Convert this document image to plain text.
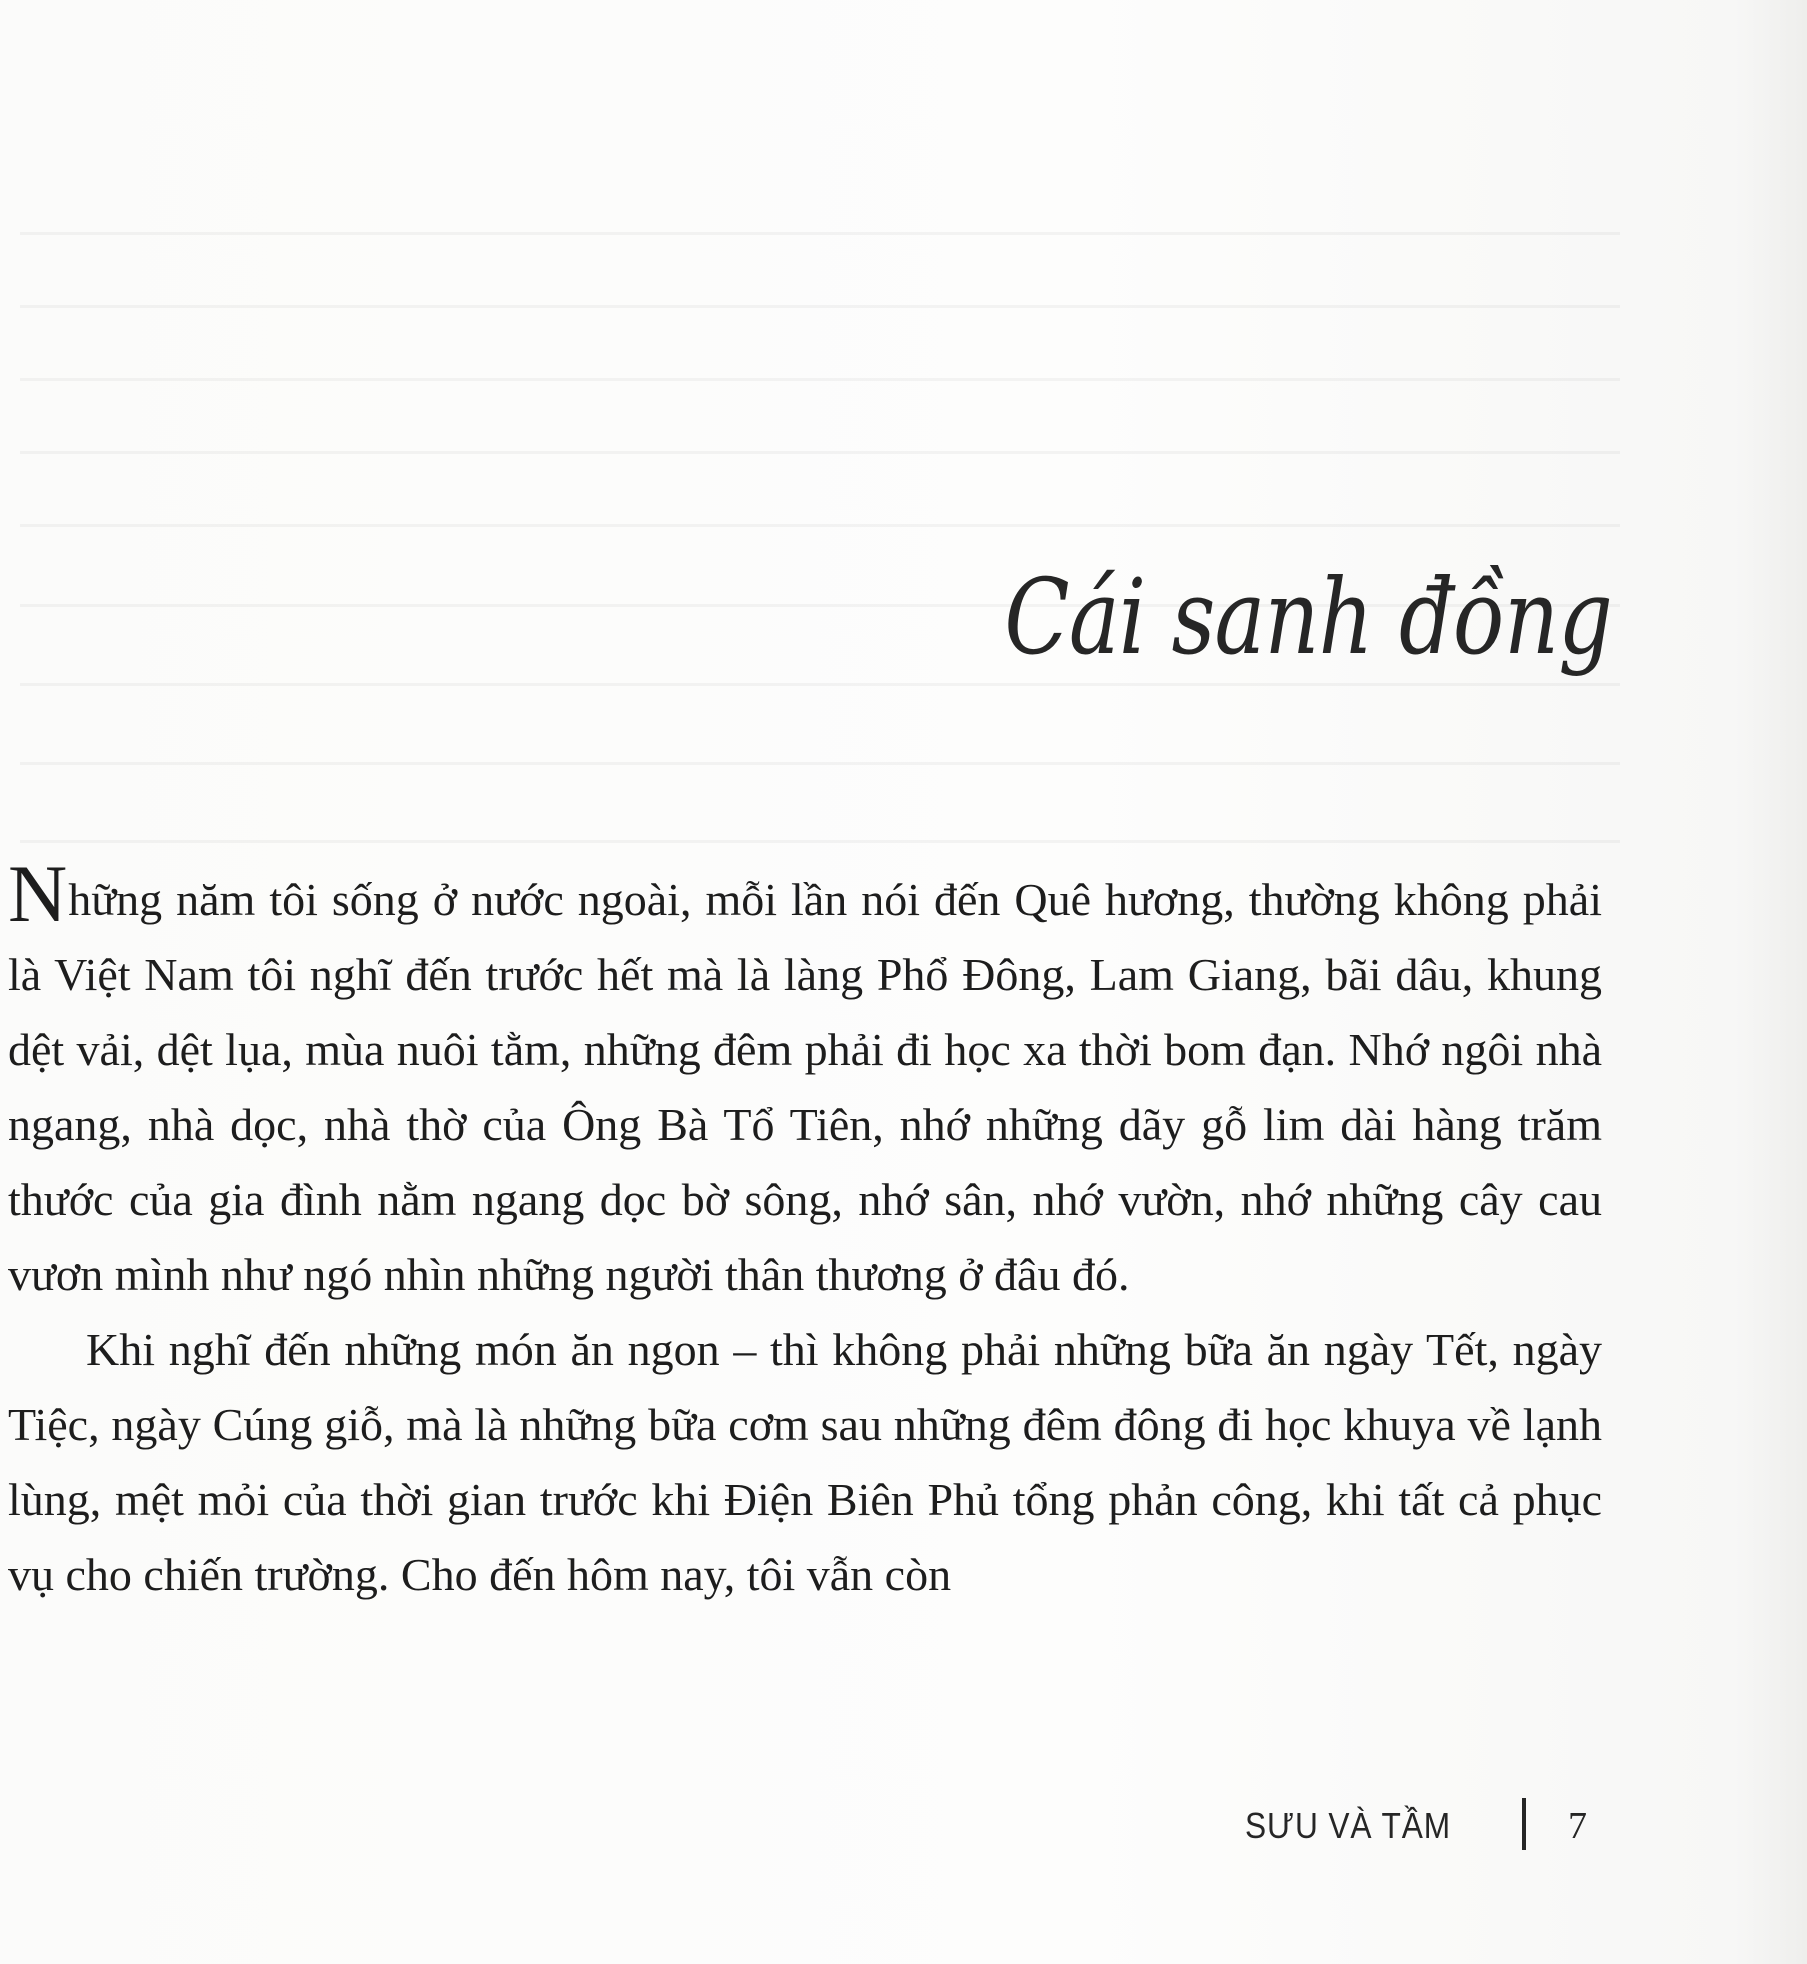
Cái sanh đồng

Những năm tôi sống ở nước ngoài, mỗi lần nói đến Quê hương, thường không phải là Việt Nam tôi nghĩ đến trước hết mà là làng Phổ Đông, Lam Giang, bãi dâu, khung dệt vải, dệt lụa, mùa nuôi tằm, những đêm phải đi học xa thời bom đạn. Nhớ ngôi nhà ngang, nhà dọc, nhà thờ của Ông Bà Tổ Tiên, nhớ những dãy gỗ lim dài hàng trăm thước của gia đình nằm ngang dọc bờ sông, nhớ sân, nhớ vườn, nhớ những cây cau vươn mình như ngó nhìn những người thân thương ở đâu đó.

Khi nghĩ đến những món ăn ngon – thì không phải những bữa ăn ngày Tết, ngày Tiệc, ngày Cúng giỗ, mà là những bữa cơm sau những đêm đông đi học khuya về lạnh lùng, mệt mỏi của thời gian trước khi Điện Biên Phủ tổng phản công, khi tất cả phục vụ cho chiến trường. Cho đến hôm nay, tôi vẫn còn

SƯU VÀ TẦM	7
